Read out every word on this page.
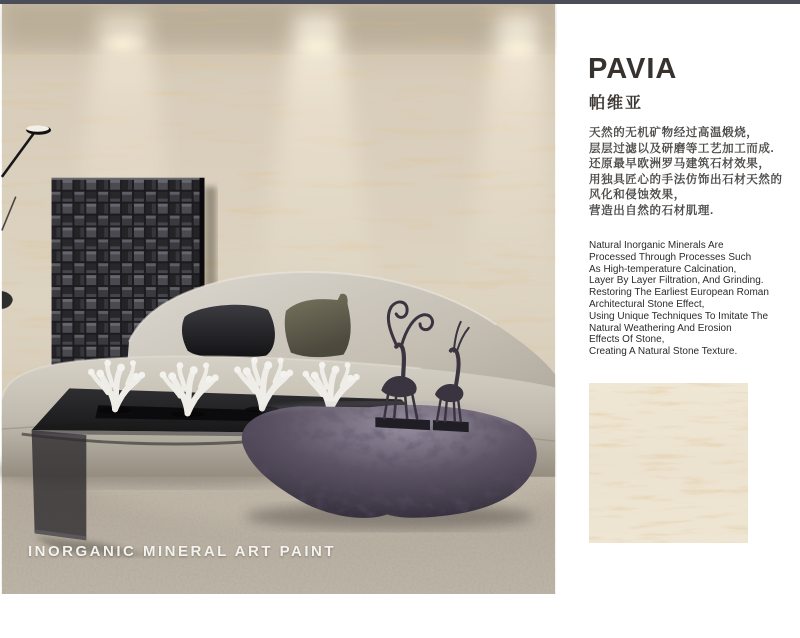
INORGANIC MINERAL ART PAINT
PAVIA
帕维亚
天然的无机矿物经过高温煅烧，
层层过滤以及研磨等工艺加工而成.
还原最早欧洲罗马建筑石材效果，
用独具匠心的手法仿饰出石材天然的
风化和侵蚀效果，
营造出自然的石材肌理.
Natural Inorganic Minerals Are
Processed Through Processes Such
As High-temperature Calcination,
Layer By Layer Filtration, And Grinding.
Restoring The Earliest European Roman
Architectural Stone Effect,
Using Unique Techniques To Imitate The
Natural Weathering And Erosion
Effects Of Stone,
Creating A Natural Stone Texture.
